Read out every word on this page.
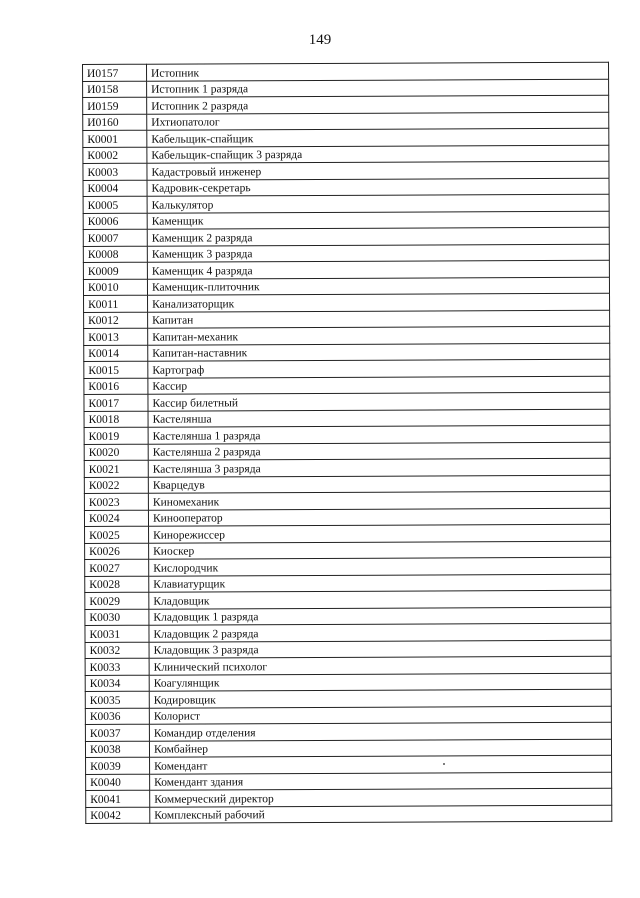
149
И0157	Истопник
И0158	Истопник 1 разряда
И0159	Истопник 2 разряда
И0160	Ихтиопатолог
К0001	Кабельщик-спайщик
К0002	Кабельщик-спайщик 3 разряда
К0003	Кадастровый инженер
К0004	Кадровик-секретарь
К0005	Калькулятор
К0006	Каменщик
К0007	Каменщик 2 разряда
К0008	Каменщик 3 разряда
К0009	Каменщик 4 разряда
К0010	Каменщик-плиточник
К0011	Канализаторщик
К0012	Капитан
К0013	Капитан-механик
К0014	Капитан-наставник
К0015	Картограф
К0016	Кассир
К0017	Кассир билетный
К0018	Кастелянша
К0019	Кастелянша 1 разряда
К0020	Кастелянша 2 разряда
К0021	Кастелянша 3 разряда
К0022	Кварцедув
К0023	Киномеханик
К0024	Кинооператор
К0025	Кинорежиссер
К0026	Киоскер
К0027	Кислородчик
К0028	Клавиатурщик
К0029	Кладовщик
К0030	Кладовщик 1 разряда
К0031	Кладовщик 2 разряда
К0032	Кладовщик 3 разряда
К0033	Клинический психолог
К0034	Коагулянщик
К0035	Кодировщик
К0036	Колорист
К0037	Командир отделения
К0038	Комбайнер
К0039	Комендант
К0040	Комендант здания
К0041	Коммерческий директор
К0042	Комплексный рабочий
